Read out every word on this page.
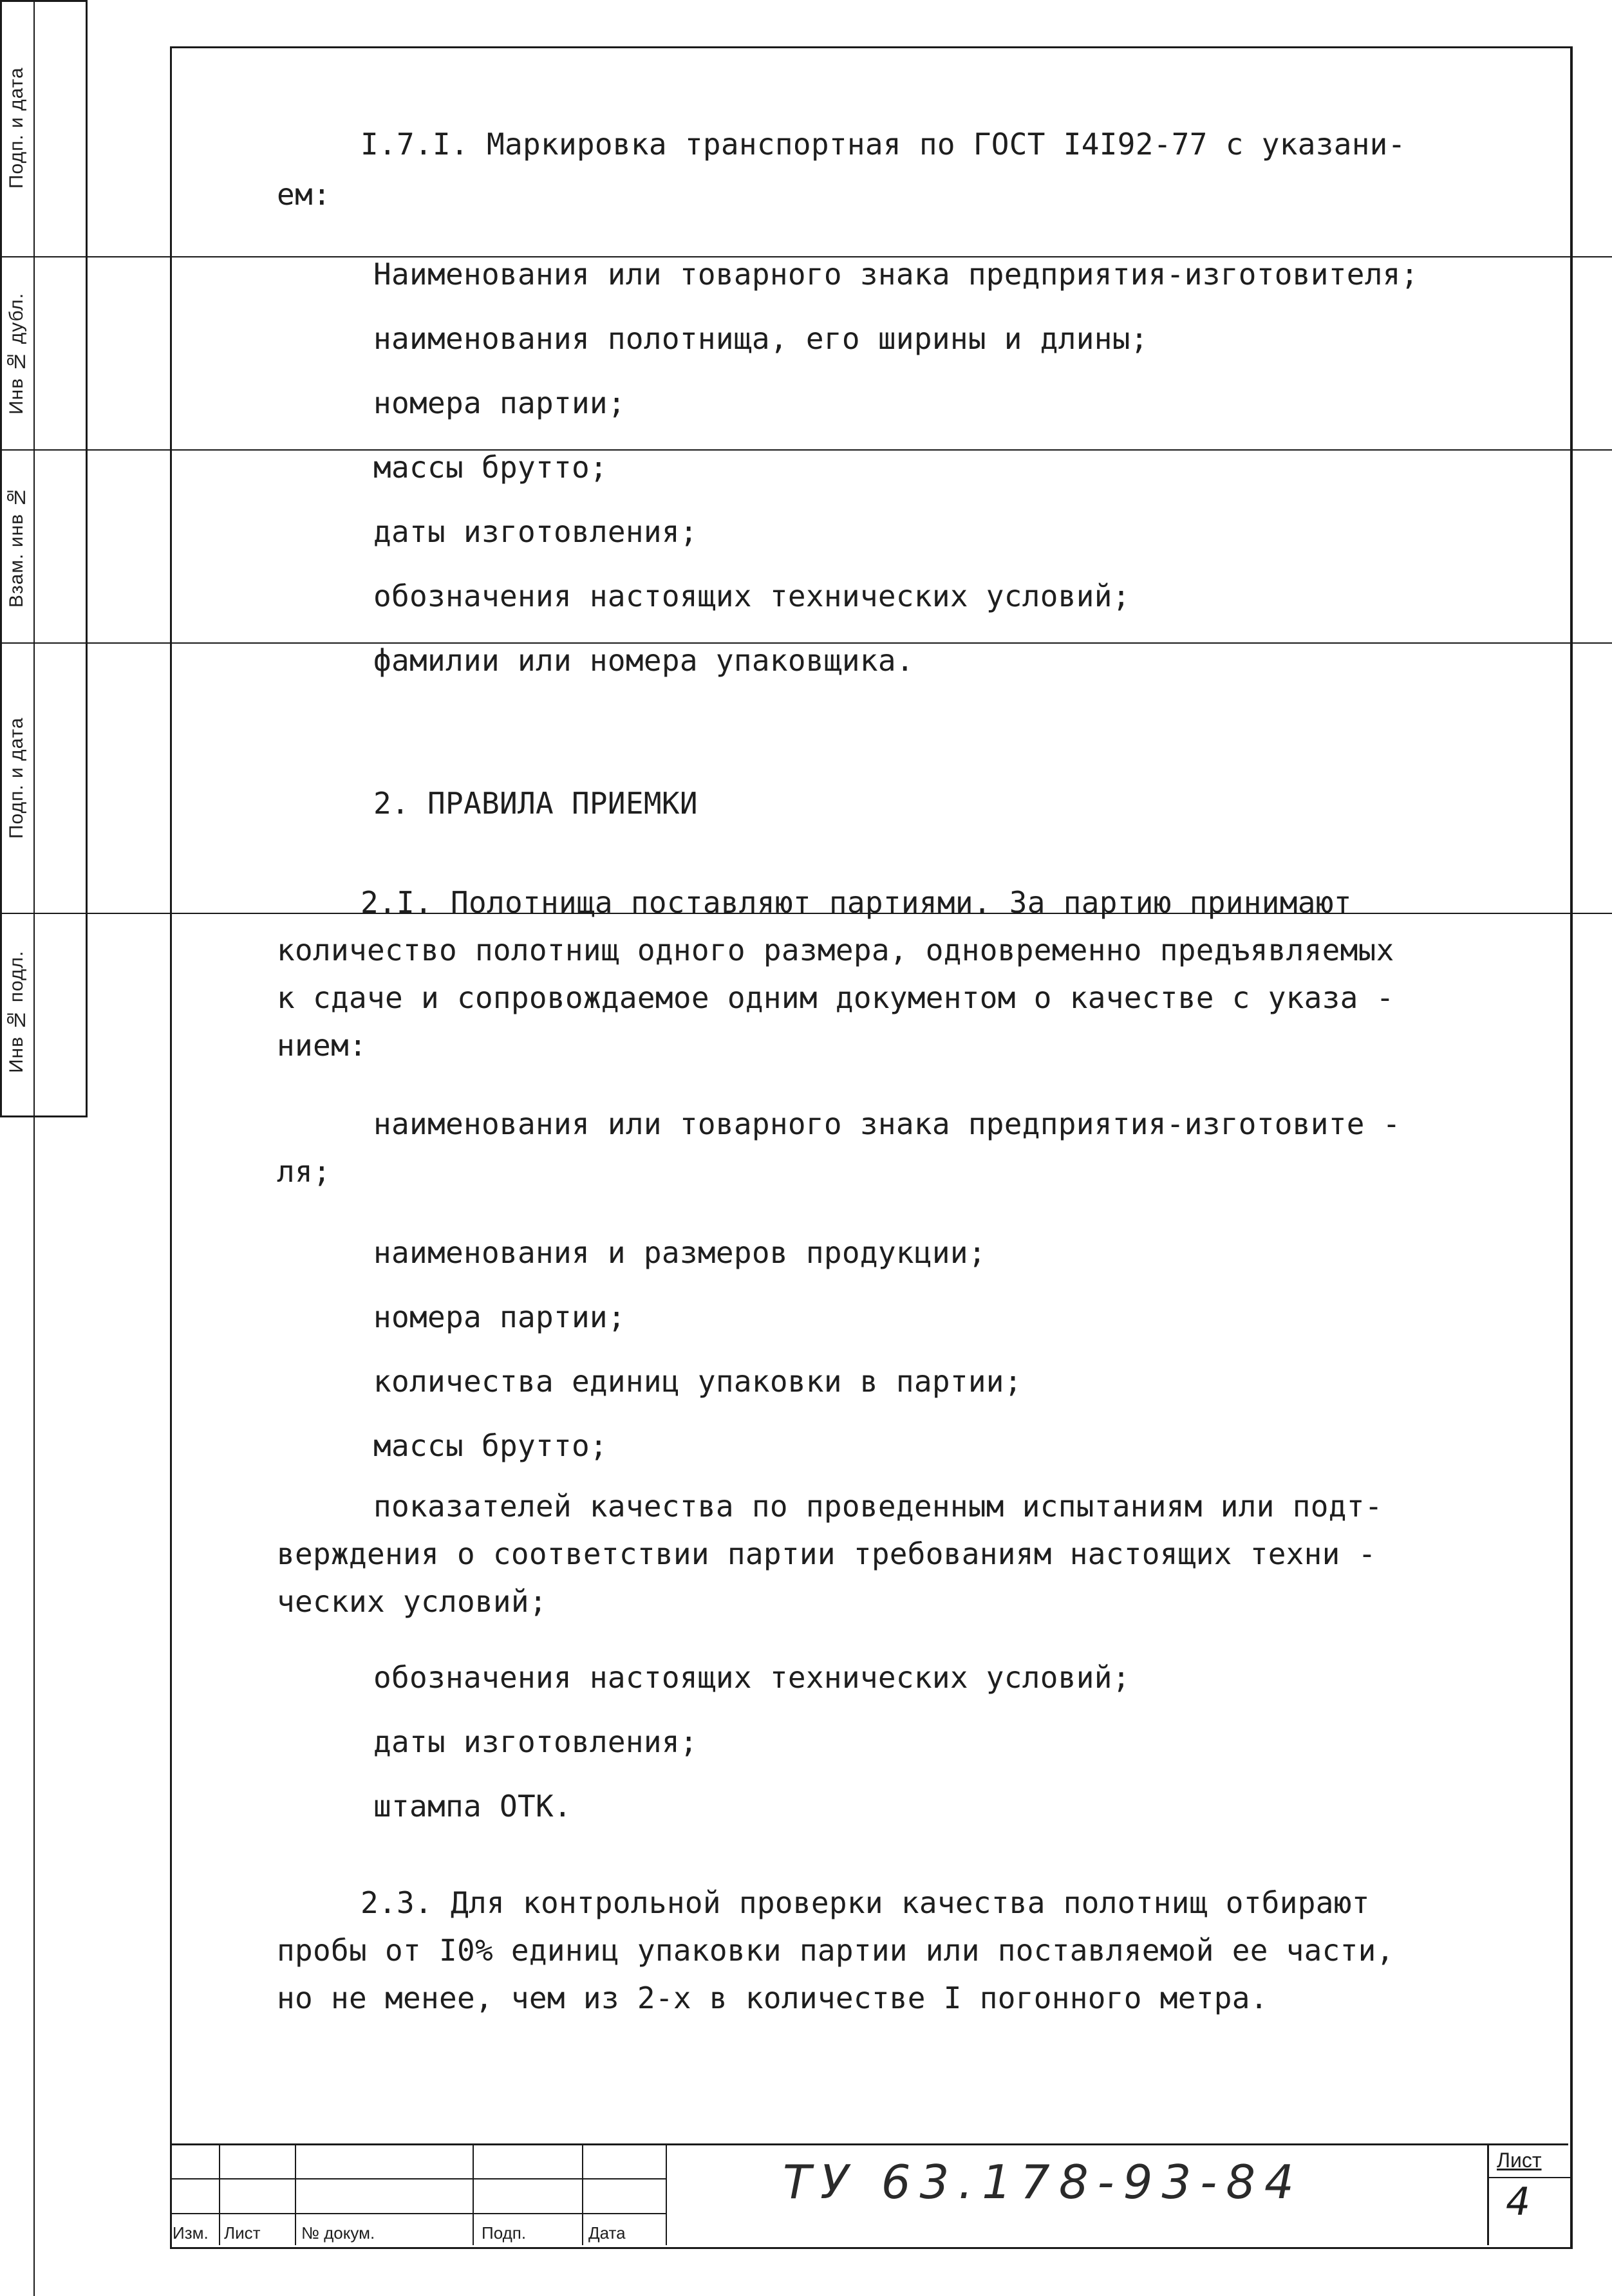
I.7.I. Маркировка транспортная по ГОСТ I4I92-77 с указани-
ем:
Наименования или товарного знака предприятия-изготовителя;
наименования полотнища, его ширины и длины;
номера партии;
массы брутто;
даты изготовления;
обозначения настоящих технических условий;
фамилии или номера упаковщика.
2. ПРАВИЛА ПРИЕМКИ
2.I. Полотнища поставляют партиями. За партию принимают
количество полотнищ одного размера, одновременно предъявляемых
к сдаче и сопровождаемое одним документом о качестве с указа -
нием:
наименования или товарного знака предприятия-изготовите -
ля;
наименования и размеров продукции;
номера партии;
количества единиц упаковки в партии;
массы брутто;
показателей качества по проведенным испытаниям или подт-
верждения о соответствии партии требованиям настоящих техни -
ческих условий;
обозначения настоящих технических условий;
даты изготовления;
штампа ОТК.
2.3. Для контрольной проверки качества полотнищ отбирают
пробы от I0% единиц упаковки партии или поставляемой ее части,
но не менее, чем из 2-х в количестве I погонного метра.
Подп. и дата
Инв № дубл.
Взам. инв №
Подп. и дата
Инв № подл.
Изм. Лист № докум.	Подп.	Дата
ТУ 63.178-93-84	Лист
4
